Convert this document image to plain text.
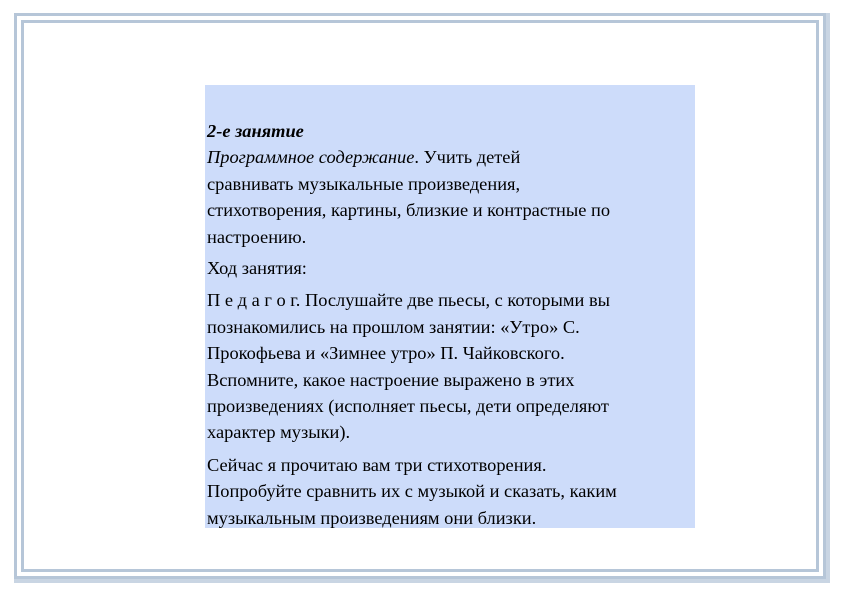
2-е занятие
Программное содержание. Учить детей
сравнивать музыкальные произведения,
стихотворения, картины, близкие и контрастные по
настроению.

Ход занятия:

П е д а г о г. Послушайте две пьесы, с которыми вы
познакомились на прошлом занятии: «Утро» С.
Прокофьева и «Зимнее утро» П. Чайковского.
Вспомните, какое настроение выражено в этих
произведениях (исполняет пьесы, дети определяют
характер музыки).

Сейчас я прочитаю вам три стихотворения.
Попробуйте сравнить их с музыкой и сказать, каким
музыкальным произведениям они близки.
